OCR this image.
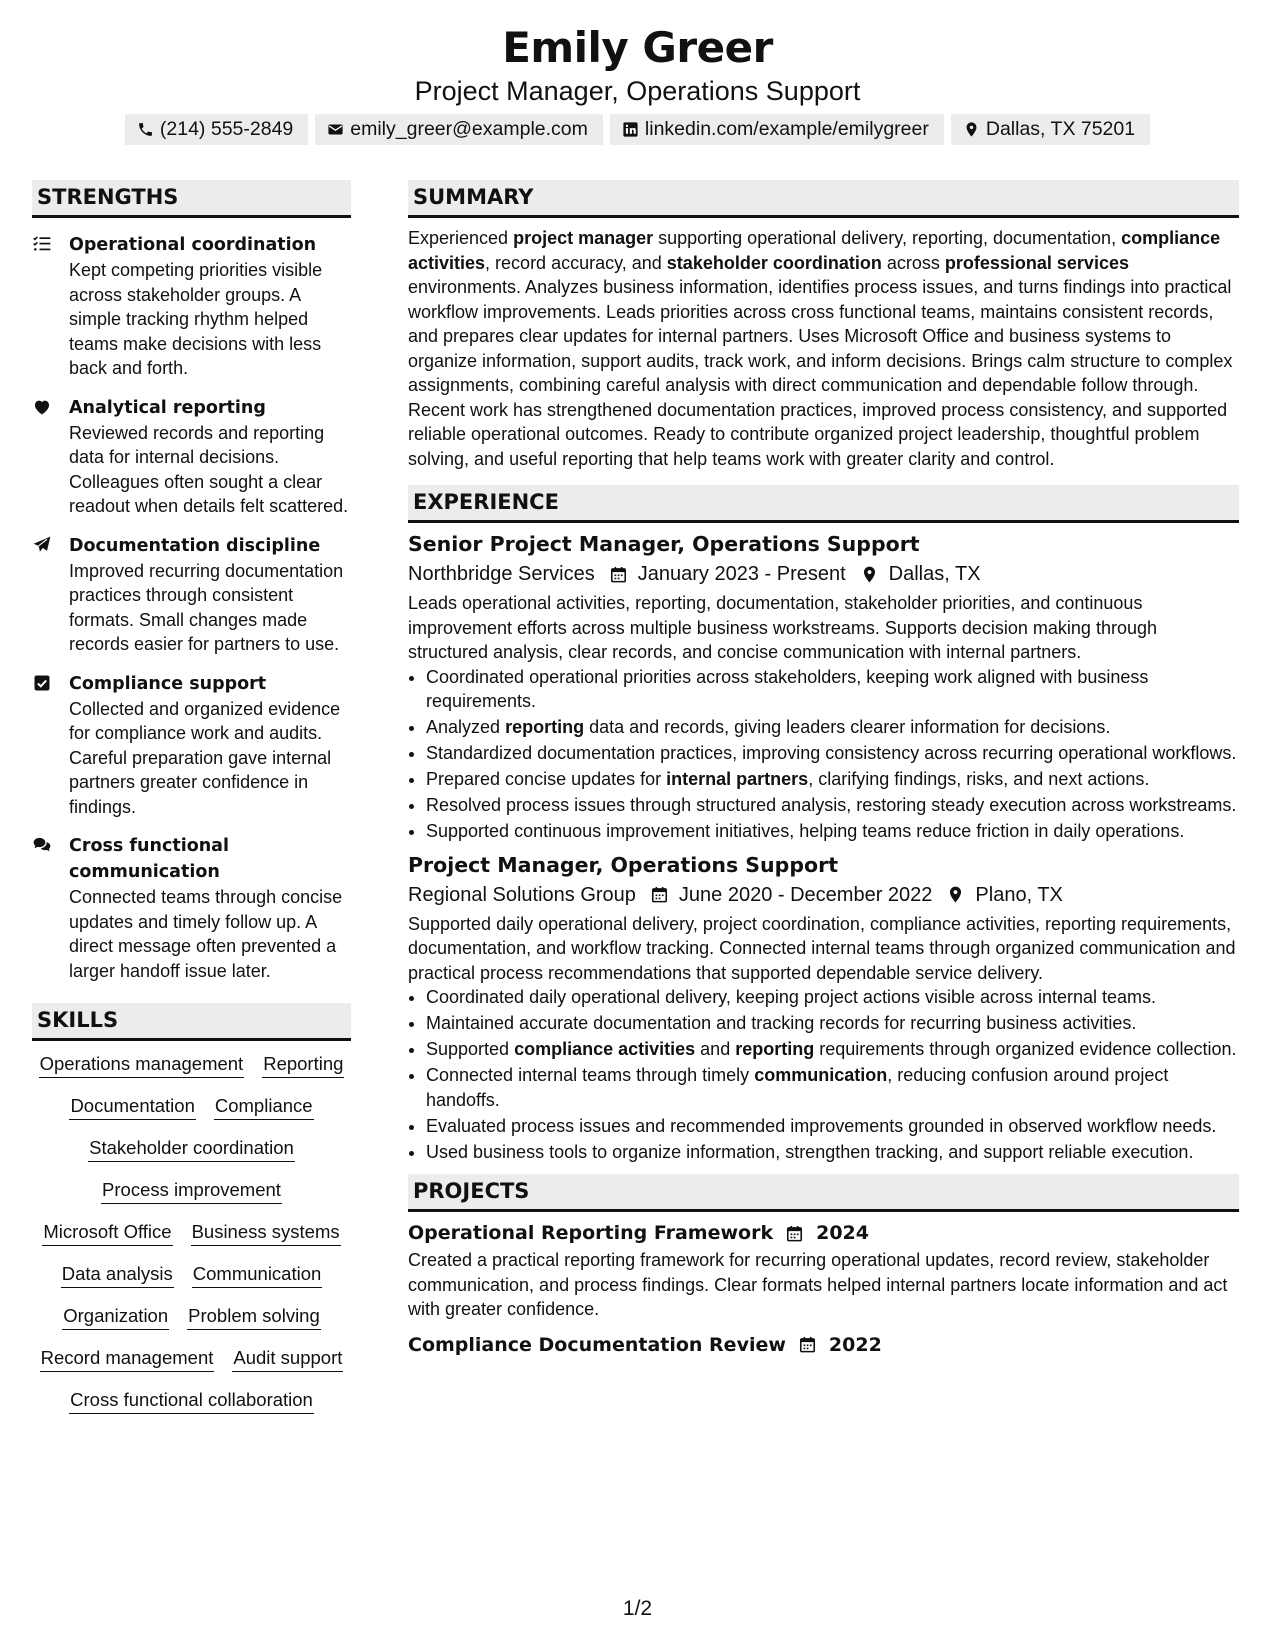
Emily Greer
Project Manager, Operations Support
(214) 555-2849	emily_greer@example.com	linkedin.com/example/emilygreer	Dallas, TX 75201
STRENGTHS
Operational coordination
Kept competing priorities visible across stakeholder groups. A simple tracking rhythm helped teams make decisions with less back and forth.
Analytical reporting
Reviewed records and reporting data for internal decisions. Colleagues often sought a clear readout when details felt scattered.
Documentation discipline
Improved recurring documentation practices through consistent formats. Small changes made records easier for partners to use.
Compliance support
Collected and organized evidence for compliance work and audits. Careful preparation gave internal partners greater confidence in findings.
Cross functional communication
Connected teams through concise updates and timely follow up. A direct message often prevented a larger handoff issue later.
SKILLS
Operations management Reporting
Documentation Compliance
Stakeholder coordination
Process improvement
Microsoft Office Business systems
Data analysis Communication
Organization Problem solving
Record management Audit support
Cross functional collaboration
SUMMARY
Experienced project manager supporting operational delivery, reporting, documentation, compliance activities, record accuracy, and stakeholder coordination across professional services environments. Analyzes business information, identifies process issues, and turns findings into practical workflow improvements. Leads priorities across cross functional teams, maintains consistent records, and prepares clear updates for internal partners. Uses Microsoft Office and business systems to organize information, support audits, track work, and inform decisions. Brings calm structure to complex assignments, combining careful analysis with direct communication and dependable follow through. Recent work has strengthened documentation practices, improved process consistency, and supported reliable operational outcomes. Ready to contribute organized project leadership, thoughtful problem solving, and useful reporting that help teams work with greater clarity and control.
EXPERIENCE
Senior Project Manager, Operations Support
Northbridge Services January 2023 - Present Dallas, TX
Leads operational activities, reporting, documentation, stakeholder priorities, and continuous improvement efforts across multiple business workstreams. Supports decision making through structured analysis, clear records, and concise communication with internal partners.
• Coordinated operational priorities across stakeholders, keeping work aligned with business requirements.
• Analyzed reporting data and records, giving leaders clearer information for decisions.
• Standardized documentation practices, improving consistency across recurring operational workflows.
• Prepared concise updates for internal partners, clarifying findings, risks, and next actions.
• Resolved process issues through structured analysis, restoring steady execution across workstreams.
• Supported continuous improvement initiatives, helping teams reduce friction in daily operations.
Project Manager, Operations Support
Regional Solutions Group June 2020 - December 2022 Plano, TX
Supported daily operational delivery, project coordination, compliance activities, reporting requirements, documentation, and workflow tracking. Connected internal teams through organized communication and practical process recommendations that supported dependable service delivery.
• Coordinated daily operational delivery, keeping project actions visible across internal teams.
• Maintained accurate documentation and tracking records for recurring business activities.
• Supported compliance activities and reporting requirements through organized evidence collection.
• Connected internal teams through timely communication, reducing confusion around project handoffs.
• Evaluated process issues and recommended improvements grounded in observed workflow needs.
• Used business tools to organize information, strengthen tracking, and support reliable execution.
PROJECTS
Operational Reporting Framework 2024
Created a practical reporting framework for recurring operational updates, record review, stakeholder communication, and process findings. Clear formats helped internal partners locate information and act with greater confidence.
Compliance Documentation Review 2022
1/2
